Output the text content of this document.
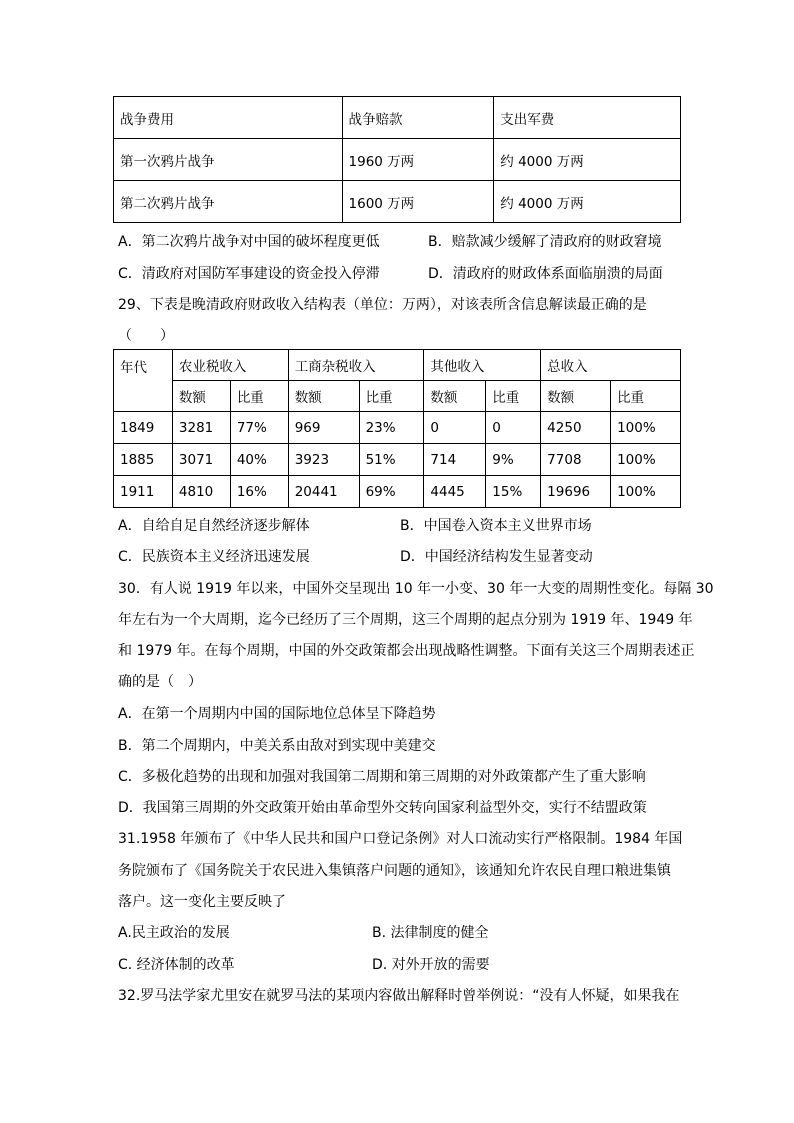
战争费用	战争赔款	支出军费
第一次鸦片战争	1960 万两	约 4000 万两
第二次鸦片战争	1600 万两	约 4000 万两
A．第二次鸦片战争对中国的破坏程度更低	B．赔款减少缓解了清政府的财政窘境
C．清政府对国防军事建设的资金投入停滞	D．清政府的财政体系面临崩溃的局面
29、下表是晚清政府财政收入结构表（单位：万两），对该表所含信息解读最正确的是
（　　）
年代	农业税收入		工商杂税收入		其他收入		总收入	
	数额	比重	数额	比重	数额	比重	数额	比重
1849	3281	77%	969	23%	0	0	4250	100%
1885	3071	40%	3923	51%	714	9%	7708	100%
1911	4810	16%	20441	69%	4445	15%	19696	100%
A．自给自足自然经济逐步解体	B．中国卷入资本主义世界市场
C．民族资本主义经济迅速发展	D．中国经济结构发生显著变动
30．有人说 1919 年以来，中国外交呈现出 10 年一小变、30 年一大变的周期性变化。每隔 30
年左右为一个大周期，迄今已经历了三个周期，这三个周期的起点分别为 1919 年、1949 年
和 1979 年。在每个周期，中国的外交政策都会出现战略性调整。下面有关这三个周期表述正
确的是（　）
A．在第一个周期内中国的国际地位总体呈下降趋势
B．第二个周期内，中美关系由敌对到实现中美建交
C．多极化趋势的出现和加强对我国第二周期和第三周期的对外政策都产生了重大影响
D．我国第三周期的外交政策开始由革命型外交转向国家利益型外交，实行不结盟政策
31.1958 年颁布了《中华人民共和国户口登记条例》对人口流动实行严格限制。1984 年国
务院颁布了《国务院关于农民进入集镇落户问题的通知》，该通知允许农民自理口粮进集镇
落户。这一变化主要反映了
A.民主政治的发展	B. 法律制度的健全
C. 经济体制的改革	D. 对外开放的需要
32.罗马法学家尤里安在就罗马法的某项内容做出解释时曾举例说：“没有人怀疑，如果我在
